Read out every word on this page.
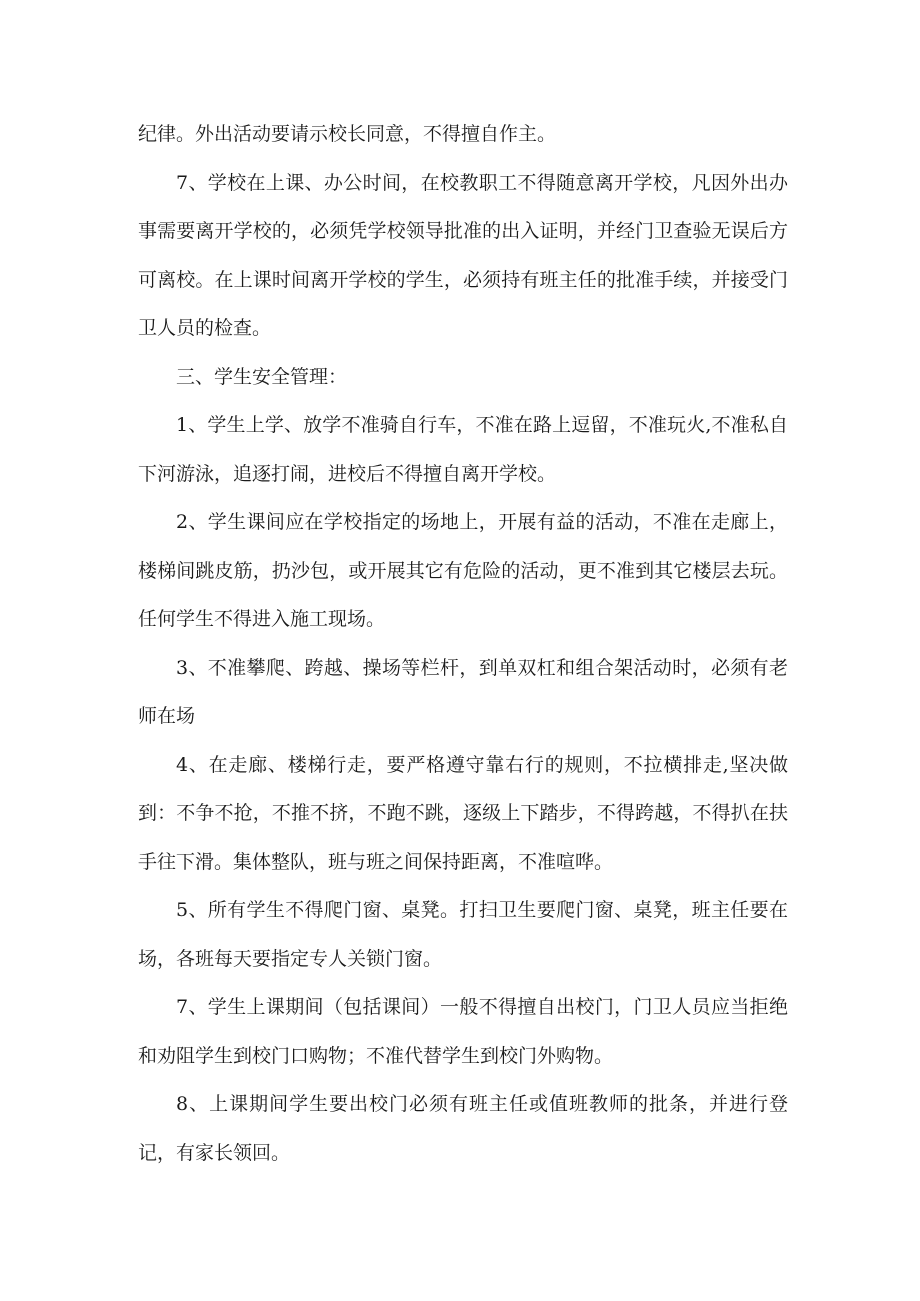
纪律。外出活动要请示校长同意，不得擅自作主。

7、学校在上课、办公时间，在校教职工不得随意离开学校，凡因外出办事需要离开学校的，必须凭学校领导批准的出入证明，并经门卫查验无误后方可离校。在上课时间离开学校的学生，必须持有班主任的批准手续，并接受门卫人员的检查。

三、学生安全管理：

1、学生上学、放学不准骑自行车，不准在路上逗留，不准玩火,不准私自下河游泳，追逐打闹，进校后不得擅自离开学校。

2、学生课间应在学校指定的场地上，开展有益的活动，不准在走廊上，楼梯间跳皮筋，扔沙包，或开展其它有危险的活动，更不准到其它楼层去玩。任何学生不得进入施工现场。

3、不准攀爬、跨越、操场等栏杆，到单双杠和组合架活动时，必须有老师在场

4、在走廊、楼梯行走，要严格遵守靠右行的规则，不拉横排走,坚决做到：不争不抢，不推不挤，不跑不跳，逐级上下踏步，不得跨越，不得扒在扶手往下滑。集体整队，班与班之间保持距离，不准喧哗。

5、所有学生不得爬门窗、桌凳。打扫卫生要爬门窗、桌凳，班主任要在场，各班每天要指定专人关锁门窗。

7、学生上课期间（包括课间）一般不得擅自出校门，门卫人员应当拒绝和劝阻学生到校门口购物；不准代替学生到校门外购物。

8、上课期间学生要出校门必须有班主任或值班教师的批条，并进行登记，有家长领回。
